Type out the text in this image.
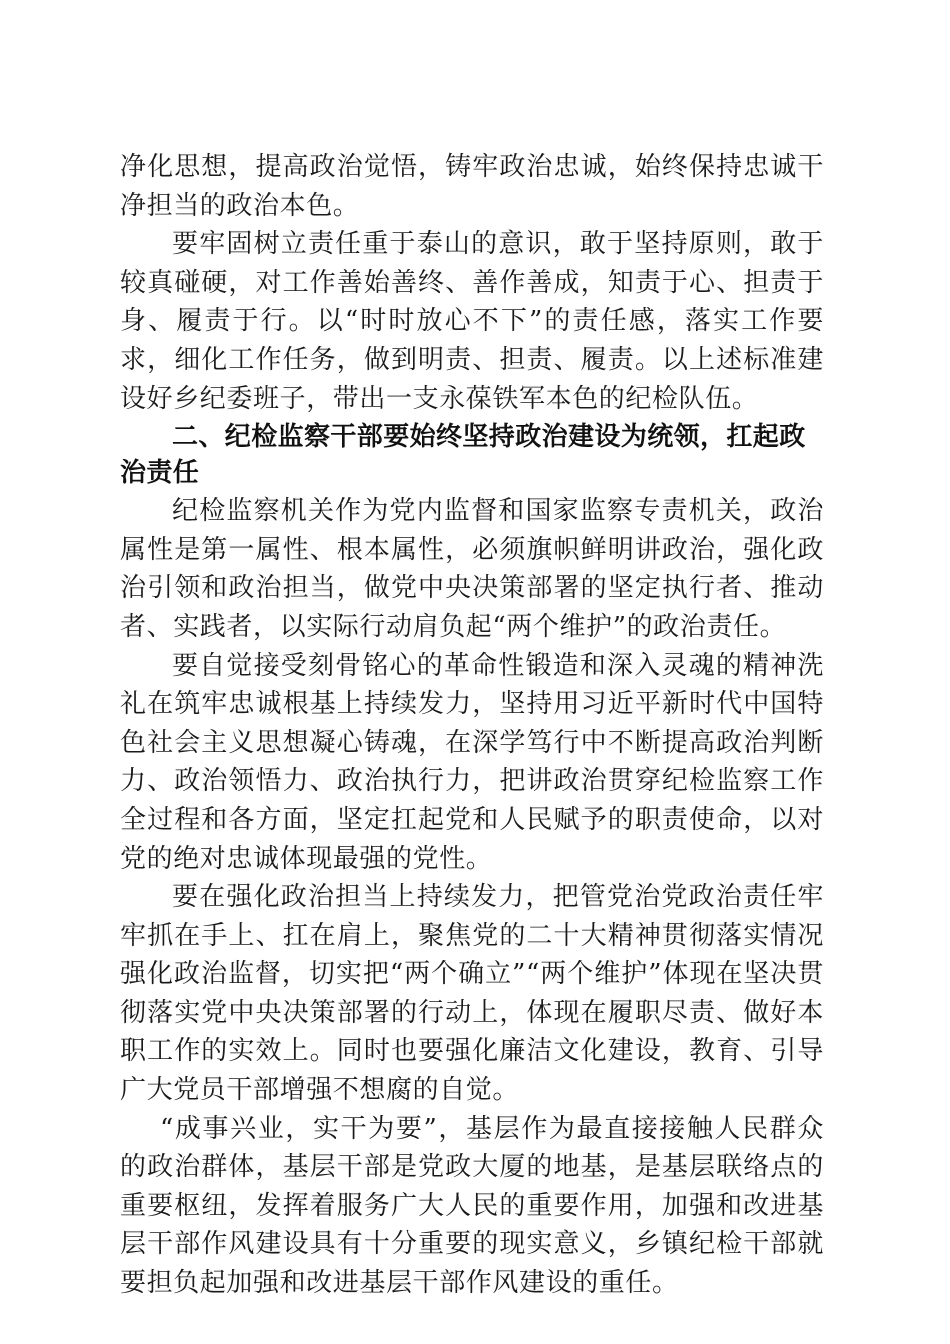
净化思想，提高政治觉悟，铸牢政治忠诚，始终保持忠诚干净担当的政治本色。

要牢固树立责任重于泰山的意识，敢于坚持原则，敢于较真碰硬，对工作善始善终、善作善成，知责于心、担责于身、履责于行。以“时时放心不下”的责任感，落实工作要求，细化工作任务，做到明责、担责、履责。以上述标准建设好乡纪委班子，带出一支永葆铁军本色的纪检队伍。

二、纪检监察干部要始终坚持政治建设为统领，扛起政治责任

纪检监察机关作为党内监督和国家监察专责机关，政治属性是第一属性、根本属性，必须旗帜鲜明讲政治，强化政治引领和政治担当，做党中央决策部署的坚定执行者、推动者、实践者，以实际行动肩负起“两个维护”的政治责任。

要自觉接受刻骨铭心的革命性锻造和深入灵魂的精神洗礼在筑牢忠诚根基上持续发力，坚持用习近平新时代中国特色社会主义思想凝心铸魂，在深学笃行中不断提高政治判断力、政治领悟力、政治执行力，把讲政治贯穿纪检监察工作全过程和各方面，坚定扛起党和人民赋予的职责使命，以对党的绝对忠诚体现最强的党性。

要在强化政治担当上持续发力，把管党治党政治责任牢牢抓在手上、扛在肩上，聚焦党的二十大精神贯彻落实情况强化政治监督，切实把“两个确立”“两个维护”体现在坚决贯彻落实党中央决策部署的行动上，体现在履职尽责、做好本职工作的实效上。同时也要强化廉洁文化建设，教育、引导广大党员干部增强不想腐的自觉。

“成事兴业，实干为要”，基层作为最直接接触人民群众的政治群体，基层干部是党政大厦的地基，是基层联络点的重要枢纽，发挥着服务广大人民的重要作用，加强和改进基层干部作风建设具有十分重要的现实意义，乡镇纪检干部就要担负起加强和改进基层干部作风建设的重任。
